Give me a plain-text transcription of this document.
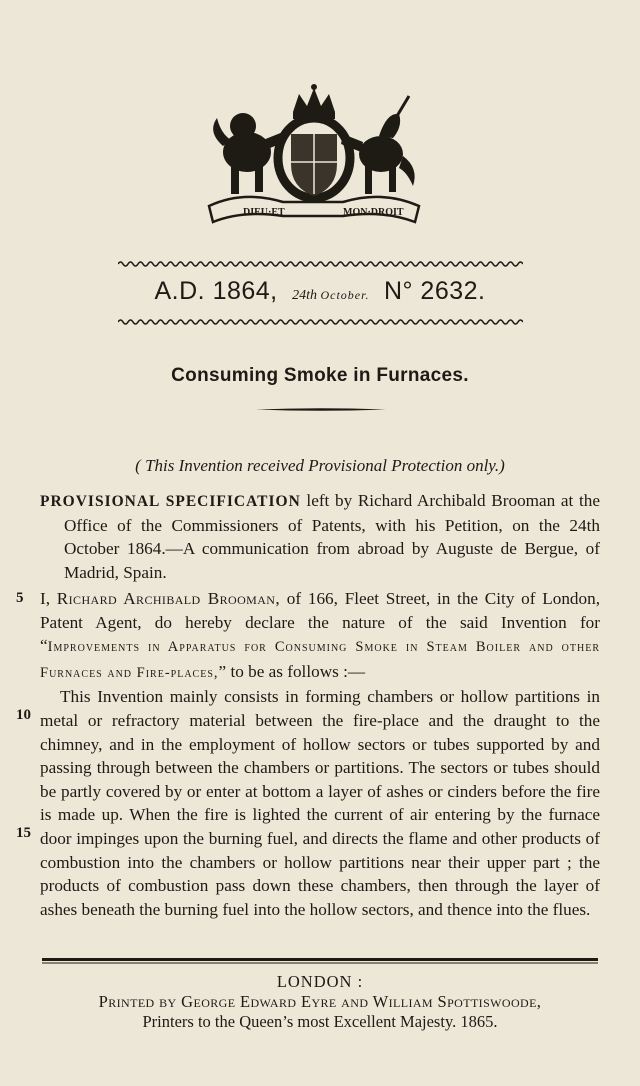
DIEU·ET	MON·DROIT
A.D. 1864, 24th October. N° 2632.
Consuming Smoke in Furnaces.
( This Invention received Provisional Protection only.)
PROVISIONAL SPECIFICATION left by Richard Archibald Brooman at the Office of the Commissioners of Patents, with his Petition, on the 24th October 1864.—A communication from abroad by Auguste de Bergue, of Madrid, Spain.
5
10
15

I, Richard Archibald Brooman, of 166, Fleet Street, in the City of London, Patent Agent, do hereby declare the nature of the said Invention for “Improvements in Apparatus for Consuming Smoke in Steam Boiler and other Furnaces and Fire-places,” to be as follows :—

This Invention mainly consists in forming chambers or hollow partitions in metal or refractory material between the fire-place and the draught to the chimney, and in the employment of hollow sectors or tubes supported by and passing through between the chambers or partitions. The sectors or tubes should be partly covered by or enter at bottom a layer of ashes or cinders before the fire is made up. When the fire is lighted the current of air entering by the furnace door impinges upon the burning fuel, and directs the flame and other products of combustion into the chambers or hollow partitions near their upper part ; the products of combustion pass down these chambers, then through the layer of ashes beneath the burning fuel into the hollow sectors, and thence into the flues.

LONDON :
Printed by George Edward Eyre and William Spottiswoode,
Printers to the Queen’s most Excellent Majesty. 1865.
